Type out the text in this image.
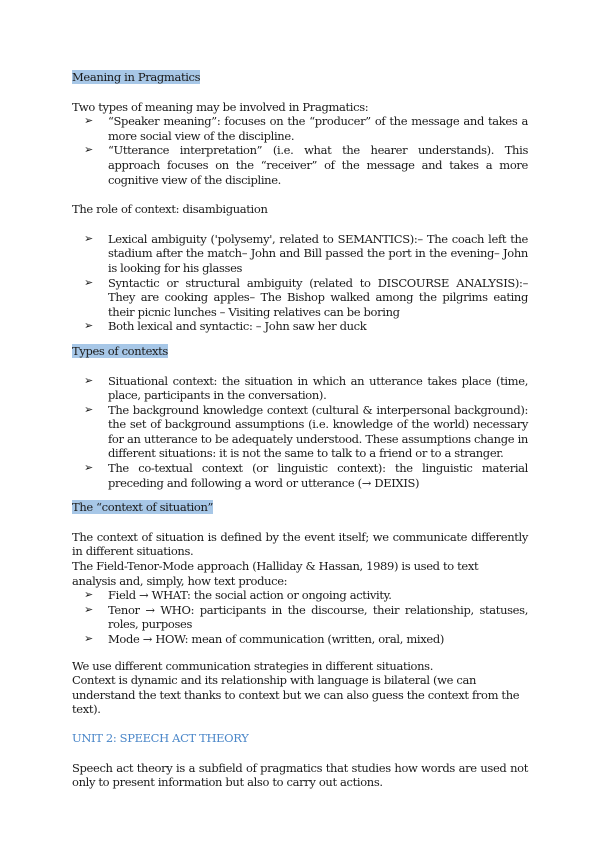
Meaning in Pragmatics

Two types of meaning may be involved in Pragmatics:

➢ “Speaker meaning”: focuses on the “producer” of the message and takes a more social view of the discipline.
➢ “Utterance interpretation” (i.e. what the hearer understands). This approach focuses on the “receiver” of the message and takes a more cognitive view of the discipline.

The role of context: disambiguation

➢ Lexical ambiguity ('polysemy', related to SEMANTICS):– The coach left the stadium after the match– John and Bill passed the port in the evening– John is looking for his glasses
➢ Syntactic or structural ambiguity (related to DISCOURSE ANALYSIS):– They are cooking apples– The Bishop walked among the pilgrims eating their picnic lunches – Visiting relatives can be boring
➢ Both lexical and syntactic: – John saw her duck

Types of contexts

➢ Situational context: the situation in which an utterance takes place (time, place, participants in the conversation).
➢ The background knowledge context (cultural & interpersonal background): the set of background assumptions (i.e. knowledge of the world) necessary for an utterance to be adequately understood. These assumptions change in different situations: it is not the same to talk to a friend or to a stranger.
➢ The co-textual context (or linguistic context): the linguistic material preceding and following a word or utterance (→ DEIXIS)

The “context of situation”

The context of situation is defined by the event itself; we communicate differently in different situations.

The Field-Tenor-Mode approach (Halliday & Hassan, 1989) is used to text

analysis and, simply, how text produce:

➢ Field → WHAT: the social action or ongoing activity.
➢ Tenor → WHO: participants in the discourse, their relationship, statuses, roles, purposes
➢ Mode → HOW: mean of communication (written, oral, mixed)

We use different communication strategies in different situations.

Context is dynamic and its relationship with language is bilateral (we can understand the text thanks to context but we can also guess the context from the text).

UNIT 2: SPEECH ACT THEORY

Speech act theory is a subfield of pragmatics that studies how words are used not only to present information but also to carry out actions.
